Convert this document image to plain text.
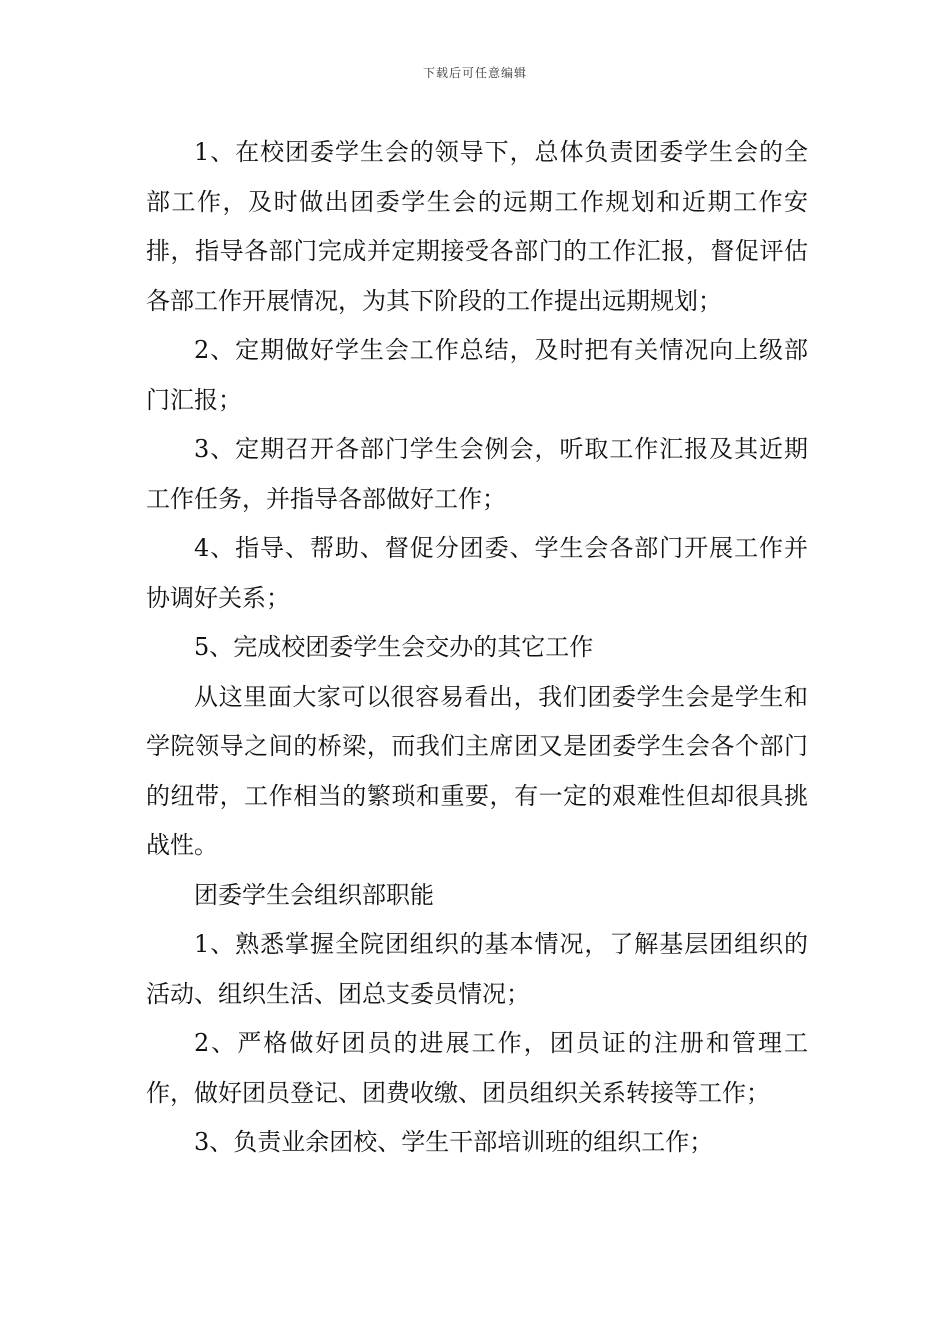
下载后可任意编辑

1、在校团委学生会的领导下，总体负责团委学生会的全部工作，及时做出团委学生会的远期工作规划和近期工作安排，指导各部门完成并定期接受各部门的工作汇报，督促评估各部工作开展情况，为其下阶段的工作提出远期规划；

2、定期做好学生会工作总结，及时把有关情况向上级部门汇报；

3、定期召开各部门学生会例会，听取工作汇报及其近期工作任务，并指导各部做好工作；

4、指导、帮助、督促分团委、学生会各部门开展工作并协调好关系；

5、完成校团委学生会交办的其它工作

从这里面大家可以很容易看出，我们团委学生会是学生和学院领导之间的桥梁，而我们主席团又是团委学生会各个部门的纽带，工作相当的繁琐和重要，有一定的艰难性但却很具挑战性。

团委学生会组织部职能

1、熟悉掌握全院团组织的基本情况，了解基层团组织的活动、组织生活、团总支委员情况；

2、严格做好团员的进展工作，团员证的注册和管理工作，做好团员登记、团费收缴、团员组织关系转接等工作；

3、负责业余团校、学生干部培训班的组织工作；
